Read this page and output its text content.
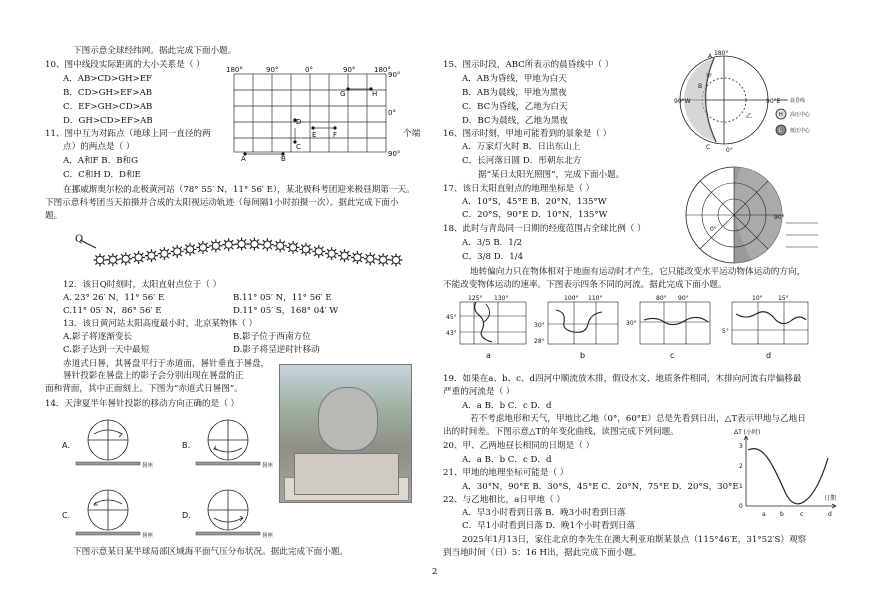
下图示意全球经纬网。据此完成下面小题。
10、图中线段实际距离的大小关系是（ ）
A．AB>CD>GH>EF
B．CD>GH>EF>AB
C．EF>GH>CD>AB
D．GH>CD>EF>AB
11、图中互为对跖点（地球上同一直径的两	个端
点）的两点是（ ）
A．A和F B．B和G
C．C和H D．D和E
180°	90°	0°	90°	180°
90°
0°
90°
A	B
C
D
E F
G	H
在挪威斯奥尔松的北极黄河站（78° 55′ N，11° 56′ E），某北极科考团迎来极昼期第一天。
下图示意科考团当天拍摄并合成的太阳视运动轨迹（每间隔1小时拍摄一次）。据此完成下面小
题。
Q
12．该日Q时刻时，太阳直射点位于（ ）
A. 23° 26′ N，11° 56′ E	B.11° 05′ N，11° 56′ E
C.11° 05′ N，86° 56′ E	D.11° 05′ S，168° 04′ W
13．该日黄河站太阳高度最小时，北京某物体（ ）
A.影子将逐渐变长	B.影子位于西南方位
C.影子达到一天中最短	D.影子将呈逆时针移动
赤道式日晷，其晷盘平行于赤道面，晷针垂直于晷盘，晷针投影在晷盘上的影子会分别出现在晷盘的正
面和背面，其中正面刻上。下图为“赤道式日晷图”。
14．天津夏半年晷针投影的移动方向正确的是（ ）
A.	B.
C.	D.
晷座	晷座
晷座	晷座
下图示意某日某半球局部区域海平面气压分布状况。据此完成下面小题。
15、图示时段，ABC所表示的晨昏线中（ ）
A．AB为昏线，甲地为白天
B．AB为晨线，甲地为黑夜
C．BC为昏线，乙地为白天
D．BC为晨线，乙地为黑夜
16、图示时刻，甲地可能看到的景象是（ ）
A．万家灯火时 B．日出东山上
C．长河落日圆 D．彤朝东北方
据“某日太阳光照图”，完成下面小题。
17、该日太阳直射点的地理坐标是（ ）
A．10°S，45°E B．20°N，135°W
C．20°S，90°E D．10°N，135°W
18、此时与青岛同一日期的经度范围占全球比例（ ）
A．3/5 B．1/2
C．3/8 D．1/4
180°
90°E
90°W
0°
A
B
C
甲
乙
晨昏线
H 高压中心
L 低压中心
0°
90°
地转偏向力只在物体相对于地面有运动时才产生，它只能改变水平运动物体运动的方向，
不能改变物体运动的速率。下图表示四条不同的河流。据此完成下面小题。
125° 130°
45°
43°
100° 110°
30°
28°
80° 90°
30°
10°	15°
5°
a	b	c	d
19．如果在a、b、c、d四河中顺流放木排，假设水文、地质条件相同，木排向河流右岸偏移最
严重的河流是（ ）
A．a B．b C．c D．d
若不考虑地形和天气，甲地比乙地（0°，60°E）总是先看到日出，△T表示甲地与乙地日
出的时间差。下图示意△T的年变化曲线，读图完成下列问题。
20、甲、乙两地昼长相同的日期是（ ）
A．a B．b C．c D．d
21、甲地的地理坐标可能是（ ）
A．30°N，90°E B．30°S，45°E C．20°N，75°E D．20°S，30°E
22、与乙地相比，a日甲地（ ）
A．早3小时看到日落 B．晚3小时看到日落
C．早1小时看到日落 D．晚1个小时看到日落
2025年1月13日，家住北京的李先生在澳大利亚珀斯某景点（115°46′E，31°52′S）观察
到当地时间（日）5：16 H出，据此完成下面小题。
ΔT (小时)
日期
3
2
1
0
a b	c	d
2
